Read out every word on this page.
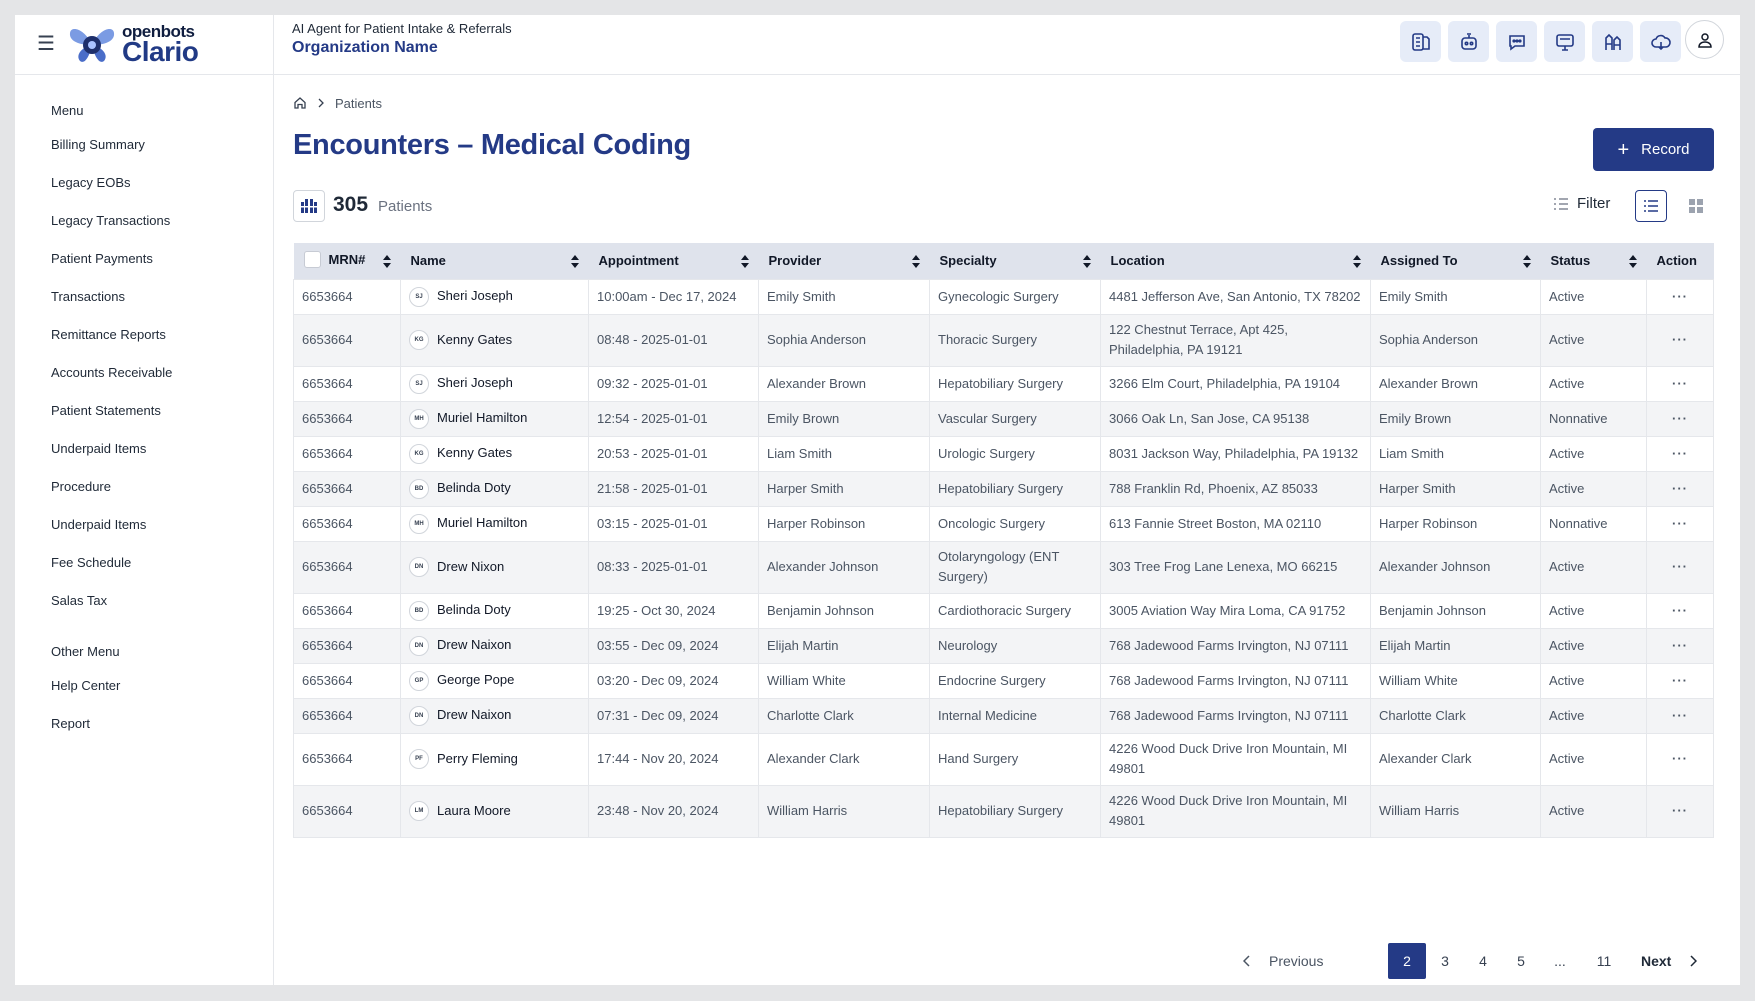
☰
openbots
Clario
AI Agent for Patient Intake & Referrals
Organization Name
Menu
Billing Summary
Legacy EOBs
Legacy Transactions
Patient Payments
Transactions
Remittance Reports
Accounts Receivable
Patient Statements
Underpaid Items
Procedure
Underpaid Items
Fee Schedule
Salas Tax
Other Menu
Help Center
Report
Patients
Encounters – Medical Coding	+ Record
305 Patients	Filter
MRN#	Name	Appointment	Provider	Specialty	Location	Assigned To	Status	Action
6653664	SJ Sheri Joseph	10:00am - Dec 17, 2024	Emily Smith	Gynecologic Surgery	4481 Jefferson Ave, San Antonio, TX 78202	Emily Smith	Active	···
6653664	KG Kenny Gates	08:48 - 2025-01-01	Sophia Anderson	Thoracic Surgery	122 Chestnut Terrace, Apt 425, Philadelphia, PA 19121	Sophia Anderson	Active	···
6653664	SJ Sheri Joseph	09:32 - 2025-01-01	Alexander Brown	Hepatobiliary Surgery	3266 Elm Court, Philadelphia, PA 19104	Alexander Brown	Active	···
6653664	MH Muriel Hamilton	12:54 - 2025-01-01	Emily Brown	Vascular Surgery	3066 Oak Ln, San Jose, CA 95138	Emily Brown	Nonnative	···
6653664	KG Kenny Gates	20:53 - 2025-01-01	Liam Smith	Urologic Surgery	8031 Jackson Way, Philadelphia, PA 19132	Liam Smith	Active	···
6653664	BD Belinda Doty	21:58 - 2025-01-01	Harper Smith	Hepatobiliary Surgery	788 Franklin Rd, Phoenix, AZ 85033	Harper Smith	Active	···
6653664	MH Muriel Hamilton	03:15 - 2025-01-01	Harper Robinson	Oncologic Surgery	613 Fannie Street Boston, MA 02110	Harper Robinson	Nonnative	···
6653664	DN Drew Nixon	08:33 - 2025-01-01	Alexander Johnson	Otolaryngology (ENT Surgery)	303 Tree Frog Lane Lenexa, MO 66215	Alexander Johnson	Active	···
6653664	BD Belinda Doty	19:25 - Oct 30, 2024	Benjamin Johnson	Cardiothoracic Surgery	3005 Aviation Way Mira Loma, CA 91752	Benjamin Johnson	Active	···
6653664	DN Drew Naixon	03:55 - Dec 09, 2024	Elijah Martin	Neurology	768 Jadewood Farms Irvington, NJ 07111	Elijah Martin	Active	···
6653664	GP George Pope	03:20 - Dec 09, 2024	William White	Endocrine Surgery	768 Jadewood Farms Irvington, NJ 07111	William White	Active	···
6653664	DN Drew Naixon	07:31 - Dec 09, 2024	Charlotte Clark	Internal Medicine	768 Jadewood Farms Irvington, NJ 07111	Charlotte Clark	Active	···
6653664	PF Perry Fleming	17:44 - Nov 20, 2024	Alexander Clark	Hand Surgery	4226 Wood Duck Drive Iron Mountain, MI 49801	Alexander Clark	Active	···
6653664	LM Laura Moore	23:48 - Nov 20, 2024	William Harris	Hepatobiliary Surgery	4226 Wood Duck Drive Iron Mountain, MI 49801	William Harris	Active	···
Previous	2	3	4	5	...	11	Next
